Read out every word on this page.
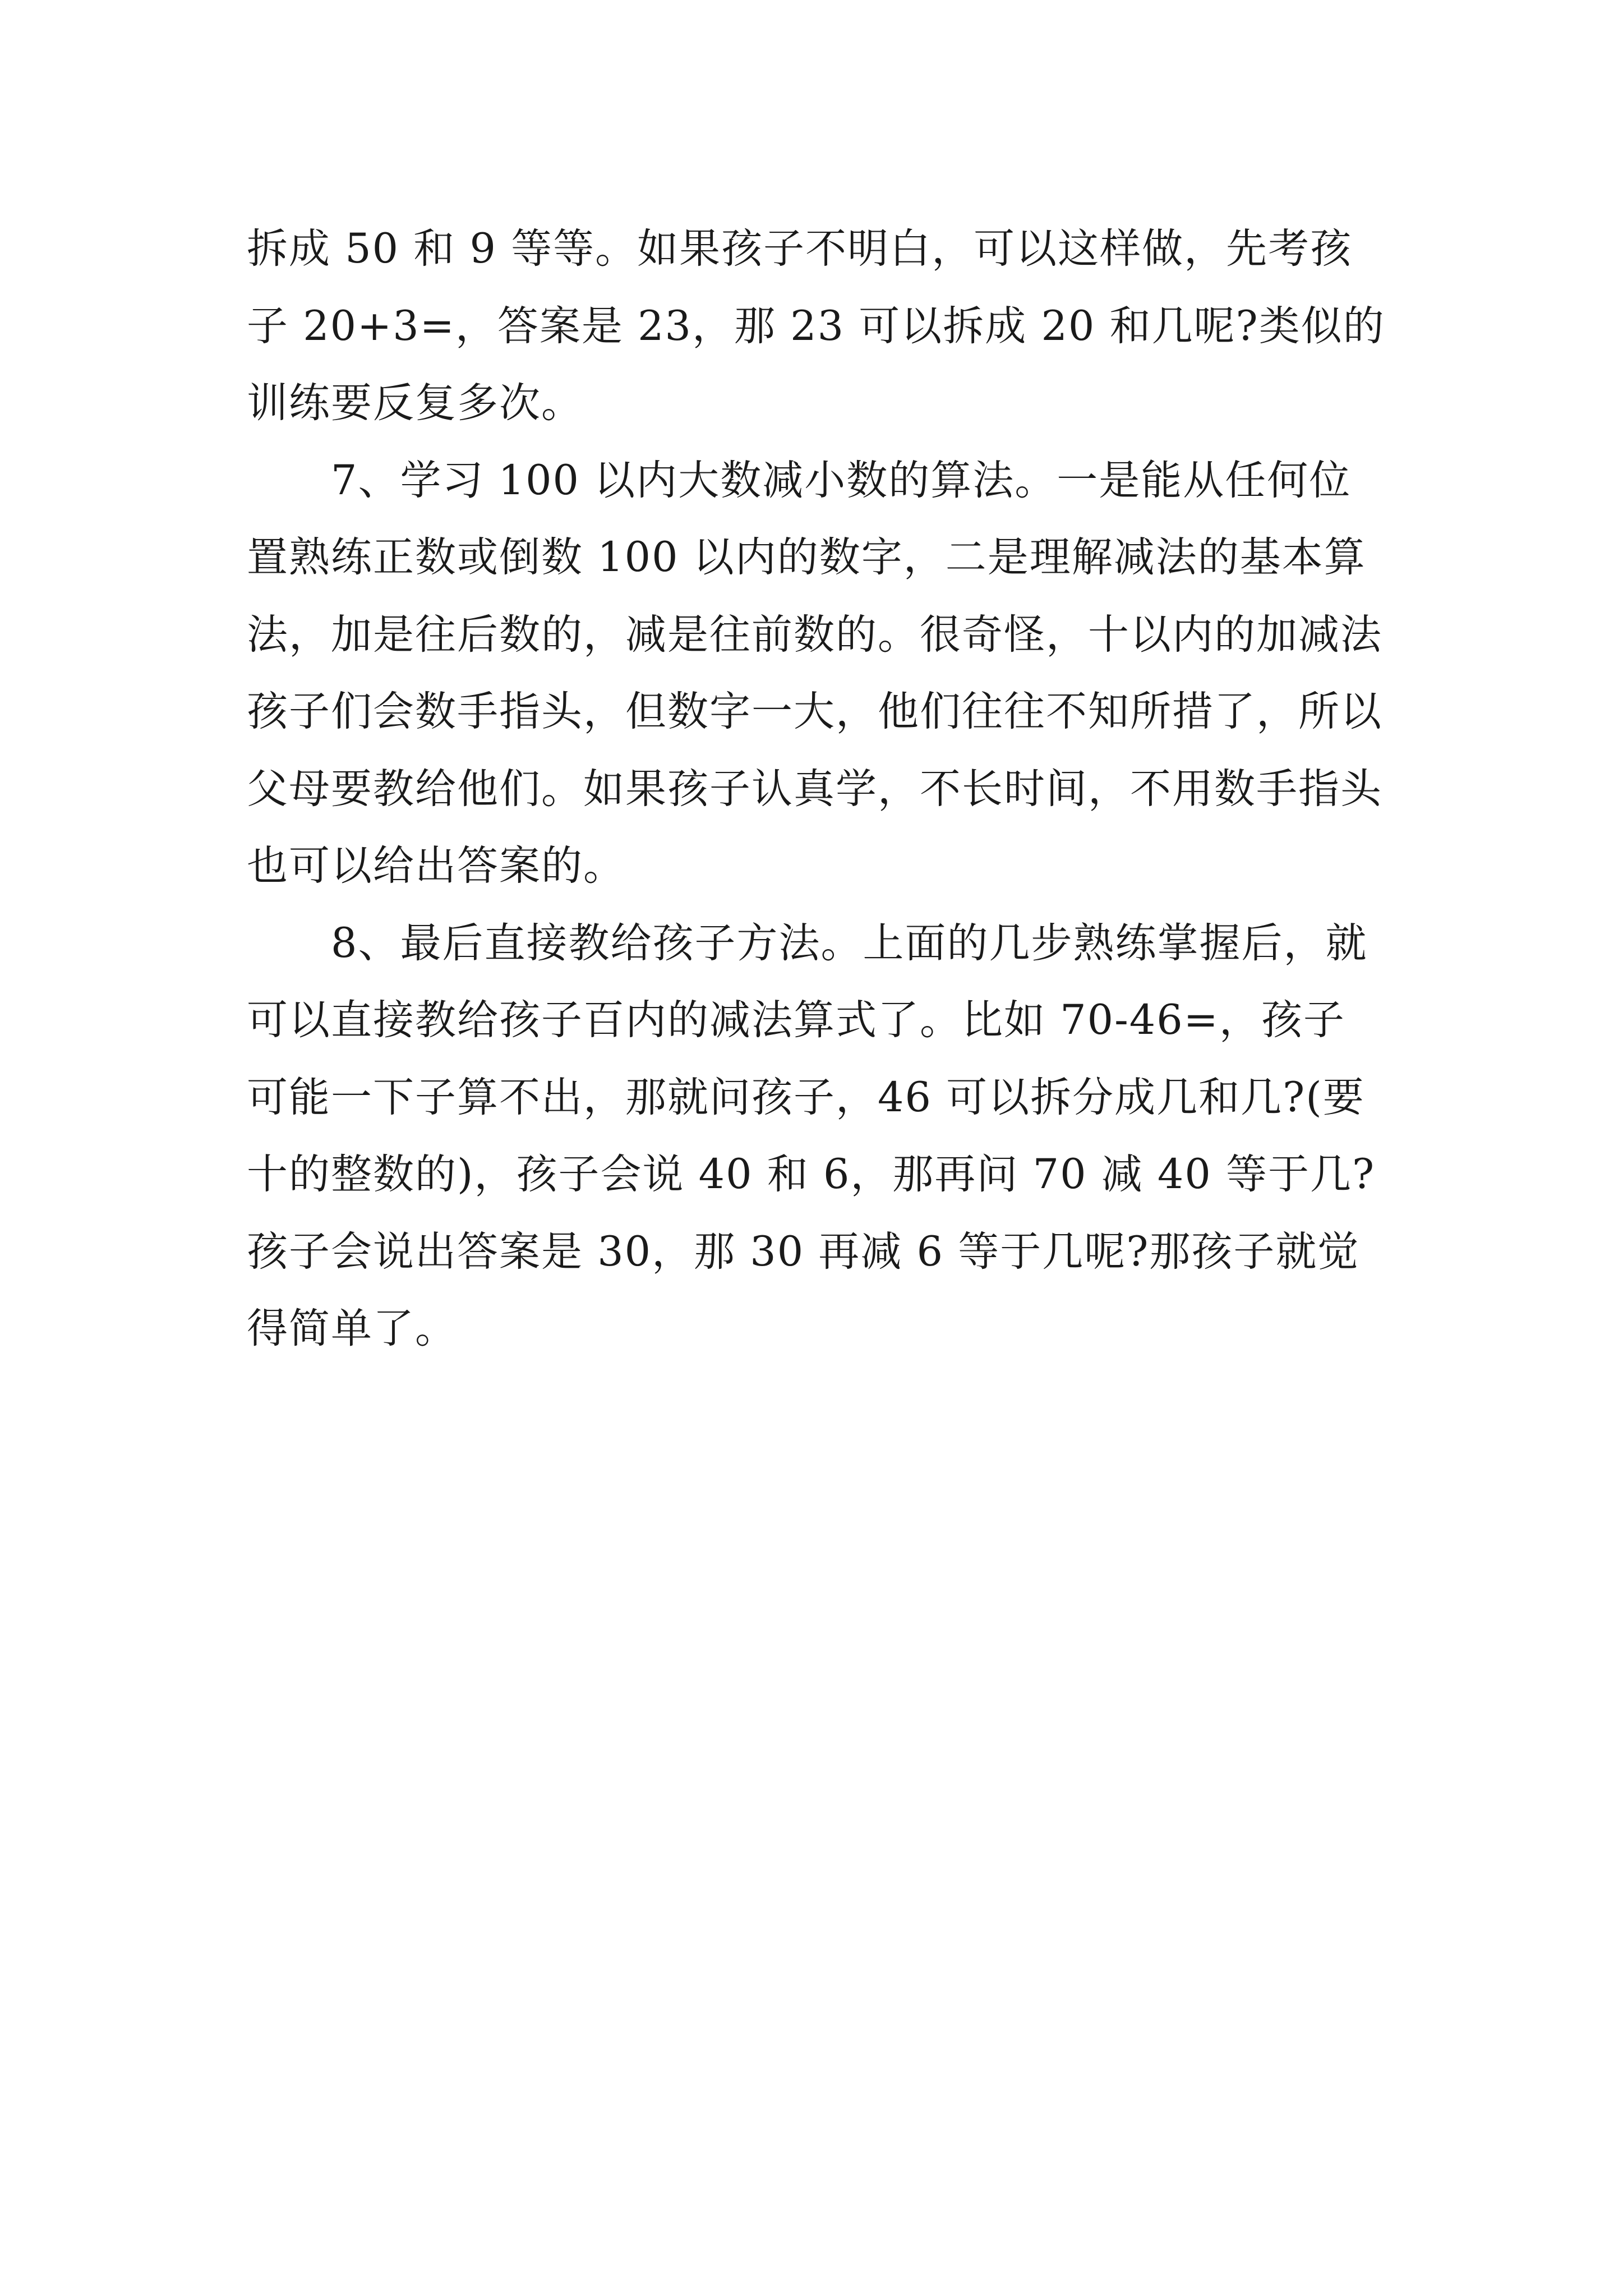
拆成 50 和 9 等等。如果孩子不明白，可以这样做，先考孩子 20+3=，答案是 23，那 23 可以拆成 20 和几呢?类似的训练要反复多次。

7、学习 100 以内大数减小数的算法。一是能从任何位置熟练正数或倒数 100 以内的数字，二是理解减法的基本算法，加是往后数的，减是往前数的。很奇怪，十以内的加减法孩子们会数手指头，但数字一大，他们往往不知所措了，所以父母要教给他们。如果孩子认真学，不长时间，不用数手指头也可以给出答案的。

8、最后直接教给孩子方法。上面的几步熟练掌握后，就可以直接教给孩子百内的减法算式了。比如 70-46=，孩子可能一下子算不出，那就问孩子，46 可以拆分成几和几?(要十的整数的)，孩子会说 40 和 6，那再问 70 减 40 等于几?孩子会说出答案是 30，那 30 再减 6 等于几呢?那孩子就觉得简单了。
